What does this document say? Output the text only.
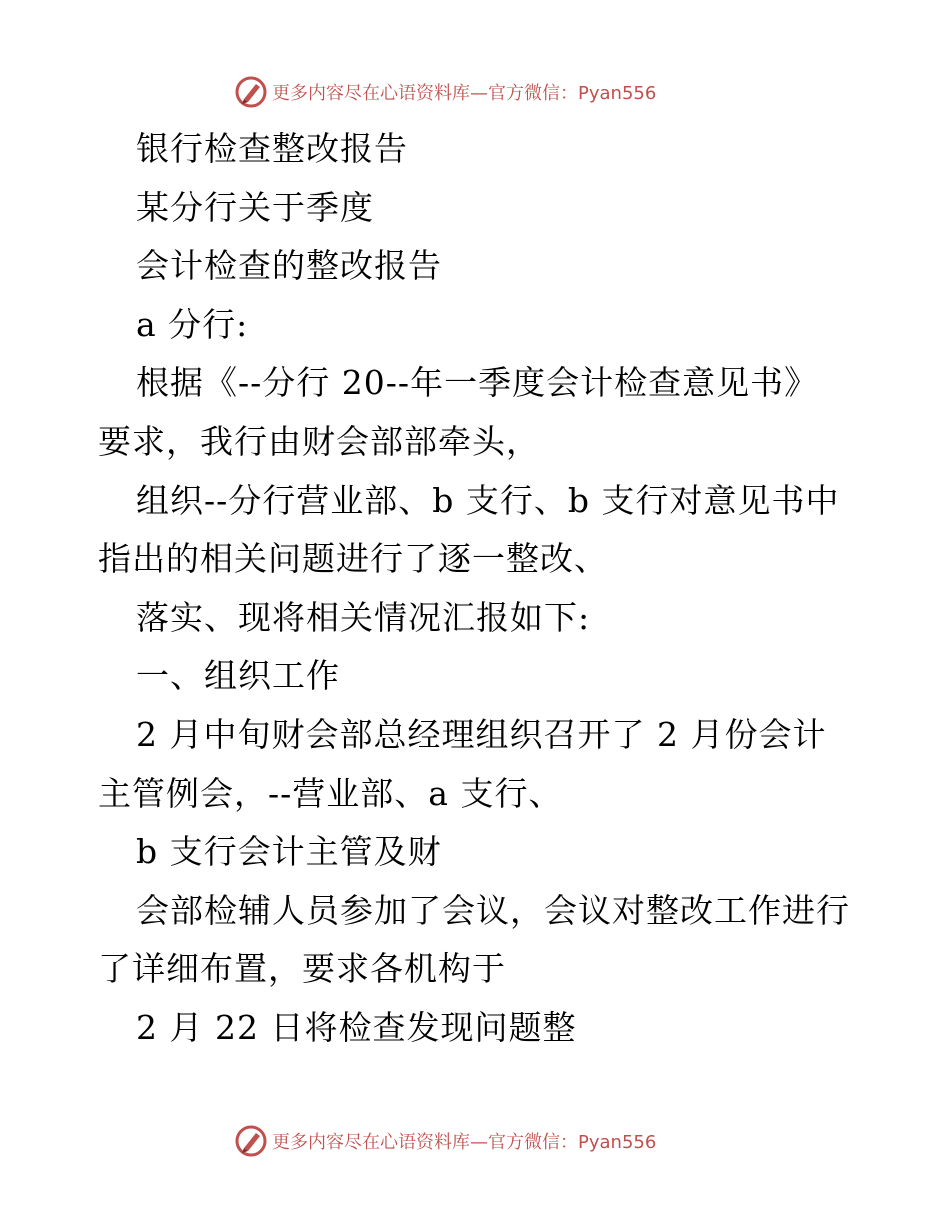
更多内容尽在心语资料库—官方微信：Pyan556

银行检查整改报告

某分行关于季度

会计检查的整改报告

a 分行:

根据《--分行 20--年一季度会计检查意见书》

要求，我行由财会部部牵头，

组织--分行营业部、b 支行、b 支行对意见书中

指出的相关问题进行了逐一整改、

落实、现将相关情况汇报如下:

一、组织工作

2 月中旬财会部总经理组织召开了 2 月份会计

主管例会，--营业部、a 支行、

b 支行会计主管及财

会部检辅人员参加了会议，会议对整改工作进行

了详细布置，要求各机构于

2 月 22 日将检查发现问题整

更多内容尽在心语资料库—官方微信：Pyan556
